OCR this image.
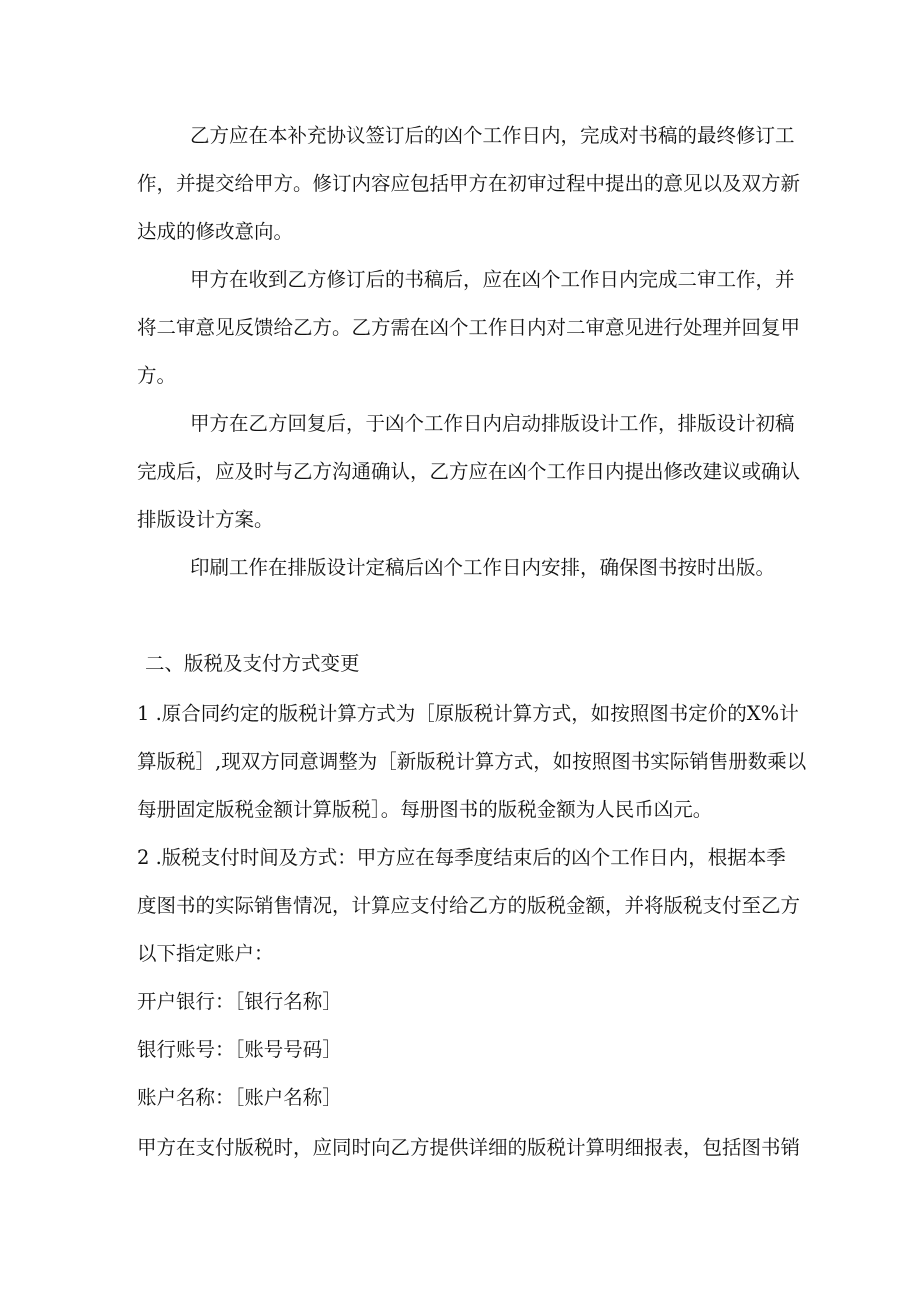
乙方应在本补充协议签订后的凶个工作日内，完成对书稿的最终修订工

作，并提交给甲方。修订内容应包括甲方在初审过程中提出的意见以及双方新

达成的修改意向。

甲方在收到乙方修订后的书稿后，应在凶个工作日内完成二审工作，并

将二审意见反馈给乙方。乙方需在凶个工作日内对二审意见进行处理并回复甲

方。

甲方在乙方回复后，于凶个工作日内启动排版设计工作，排版设计初稿

完成后，应及时与乙方沟通确认，乙方应在凶个工作日内提出修改建议或确认

排版设计方案。

印刷工作在排版设计定稿后凶个工作日内安排，确保图书按时出版。

二、版税及支付方式变更

1 .原合同约定的版税计算方式为［原版税计算方式，如按照图书定价的X%计

算版税］,现双方同意调整为［新版税计算方式，如按照图书实际销售册数乘以

每册固定版税金额计算版税］。每册图书的版税金额为人民币凶元。

2 .版税支付时间及方式：甲方应在每季度结束后的凶个工作日内，根据本季

度图书的实际销售情况，计算应支付给乙方的版税金额，并将版税支付至乙方

以下指定账户：

开户银行：［银行名称］

银行账号：［账号号码］

账户名称：［账户名称］

甲方在支付版税时，应同时向乙方提供详细的版税计算明细报表，包括图书销
